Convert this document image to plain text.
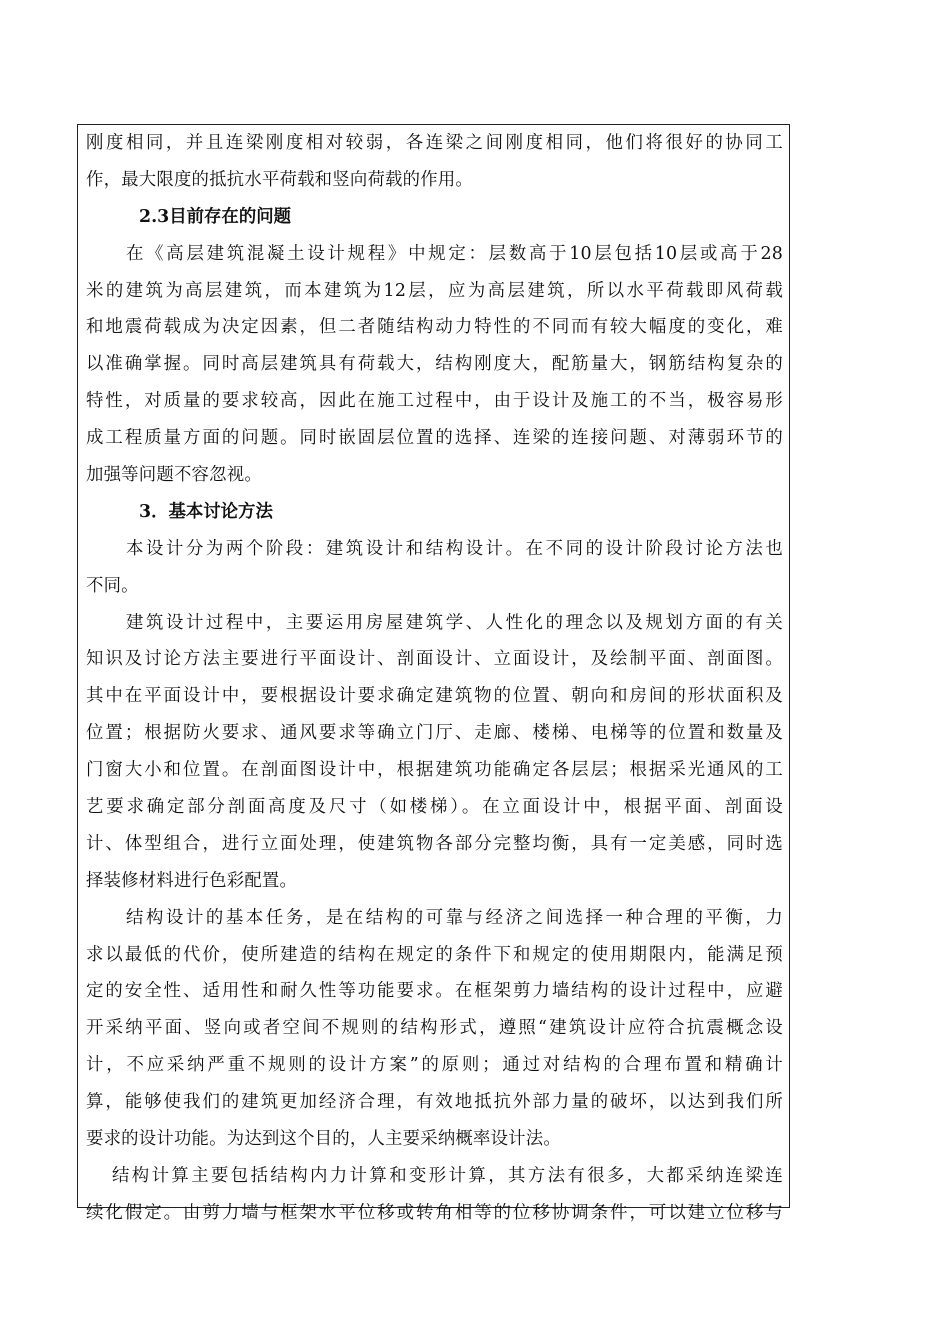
刚度相同，并且连梁刚度相对较弱，各连梁之间刚度相同，他们将很好的协同工
作，最大限度的抵抗水平荷载和竖向荷载的作用。
2.3目前存在的问题
在《高层建筑混凝土设计规程》中规定：层数高于10层包括10层或高于28
米的建筑为高层建筑，而本建筑为12层，应为高层建筑，所以水平荷载即风荷载
和地震荷载成为决定因素，但二者随结构动力特性的不同而有较大幅度的变化，难
以准确掌握。同时高层建筑具有荷载大，结构刚度大，配筋量大，钢筋结构复杂的
特性，对质量的要求较高，因此在施工过程中，由于设计及施工的不当，极容易形
成工程质量方面的问题。同时嵌固层位置的选择、连梁的连接问题、对薄弱环节的
加强等问题不容忽视。
3．基本讨论方法
本设计分为两个阶段：建筑设计和结构设计。在不同的设计阶段讨论方法也
不同。
建筑设计过程中，主要运用房屋建筑学、人性化的理念以及规划方面的有关
知识及讨论方法主要进行平面设计、剖面设计、立面设计，及绘制平面、剖面图。
其中在平面设计中，要根据设计要求确定建筑物的位置、朝向和房间的形状面积及
位置；根据防火要求、通风要求等确立门厅、走廊、楼梯、电梯等的位置和数量及
门窗大小和位置。在剖面图设计中，根据建筑功能确定各层层；根据采光通风的工
艺要求确定部分剖面高度及尺寸（如楼梯）。在立面设计中，根据平面、剖面设
计、体型组合，进行立面处理，使建筑物各部分完整均衡，具有一定美感，同时选
择装修材料进行色彩配置。
结构设计的基本任务，是在结构的可靠与经济之间选择一种合理的平衡，力
求以最低的代价，使所建造的结构在规定的条件下和规定的使用期限内，能满足预
定的安全性、适用性和耐久性等功能要求。在框架剪力墙结构的设计过程中，应避
开采纳平面、竖向或者空间不规则的结构形式，遵照“建筑设计应符合抗震概念设
计，不应采纳严重不规则的设计方案”的原则；通过对结构的合理布置和精确计
算，能够使我们的建筑更加经济合理，有效地抵抗外部力量的破坏，以达到我们所
要求的设计功能。为达到这个目的，人主要采纳概率设计法。
结构计算主要包括结构内力计算和变形计算，其方法有很多，大都采纳连梁连
续化假定。由剪力墙与框架水平位移或转角相等的位移协调条件，可以建立位移与
